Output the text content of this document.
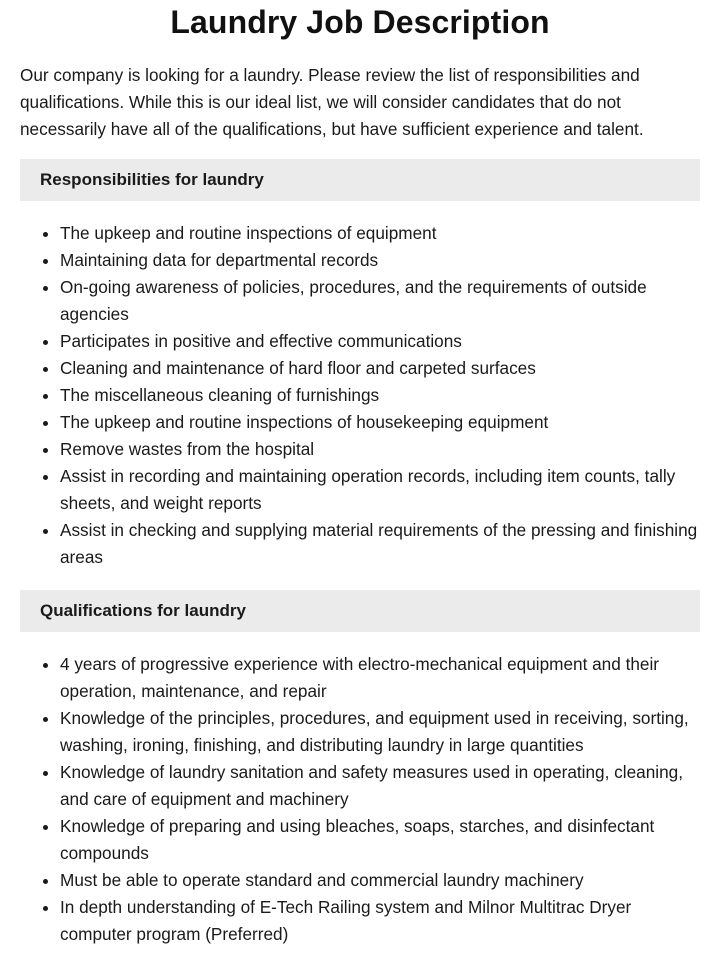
Laundry Job Description

Our company is looking for a laundry. Please review the list of responsibilities and qualifications. While this is our ideal list, we will consider candidates that do not necessarily have all of the qualifications, but have sufficient experience and talent.

Responsibilities for laundry
• The upkeep and routine inspections of equipment
• Maintaining data for departmental records
• On-going awareness of policies, procedures, and the requirements of outside agencies
• Participates in positive and effective communications
• Cleaning and maintenance of hard floor and carpeted surfaces
• The miscellaneous cleaning of furnishings
• The upkeep and routine inspections of housekeeping equipment
• Remove wastes from the hospital
• Assist in recording and maintaining operation records, including item counts, tally sheets, and weight reports
• Assist in checking and supplying material requirements of the pressing and finishing areas
Qualifications for laundry
• 4 years of progressive experience with electro-mechanical equipment and their operation, maintenance, and repair
• Knowledge of the principles, procedures, and equipment used in receiving, sorting, washing, ironing, finishing, and distributing laundry in large quantities
• Knowledge of laundry sanitation and safety measures used in operating, cleaning, and care of equipment and machinery
• Knowledge of preparing and using bleaches, soaps, starches, and disinfectant compounds
• Must be able to operate standard and commercial laundry machinery
• In depth understanding of E-Tech Railing system and Milnor Multitrac Dryer computer program (Preferred)
